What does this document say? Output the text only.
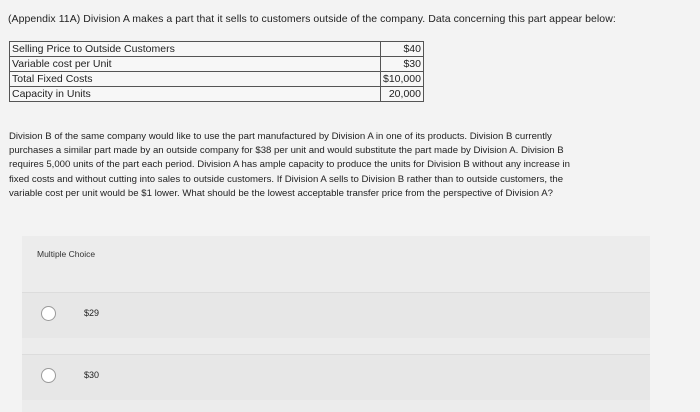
(Appendix 11A) Division A makes a part that it sells to customers outside of the company. Data concerning this part appear below:
Selling Price to Outside Customers	$40
Variable cost per Unit	$30
Total Fixed Costs	$10,000
Capacity in Units	20,000

Division B of the same company would like to use the part manufactured by Division A in one of its products. Division B currently

purchases a similar part made by an outside company for $38 per unit and would substitute the part made by Division A. Division B

requires 5,000 units of the part each period. Division A has ample capacity to produce the units for Division B without any increase in

fixed costs and without cutting into sales to outside customers. If Division A sells to Division B rather than to outside customers, the

variable cost per unit would be $1 lower. What should be the lowest acceptable transfer price from the perspective of Division A?

Multiple Choice
$29
$30
